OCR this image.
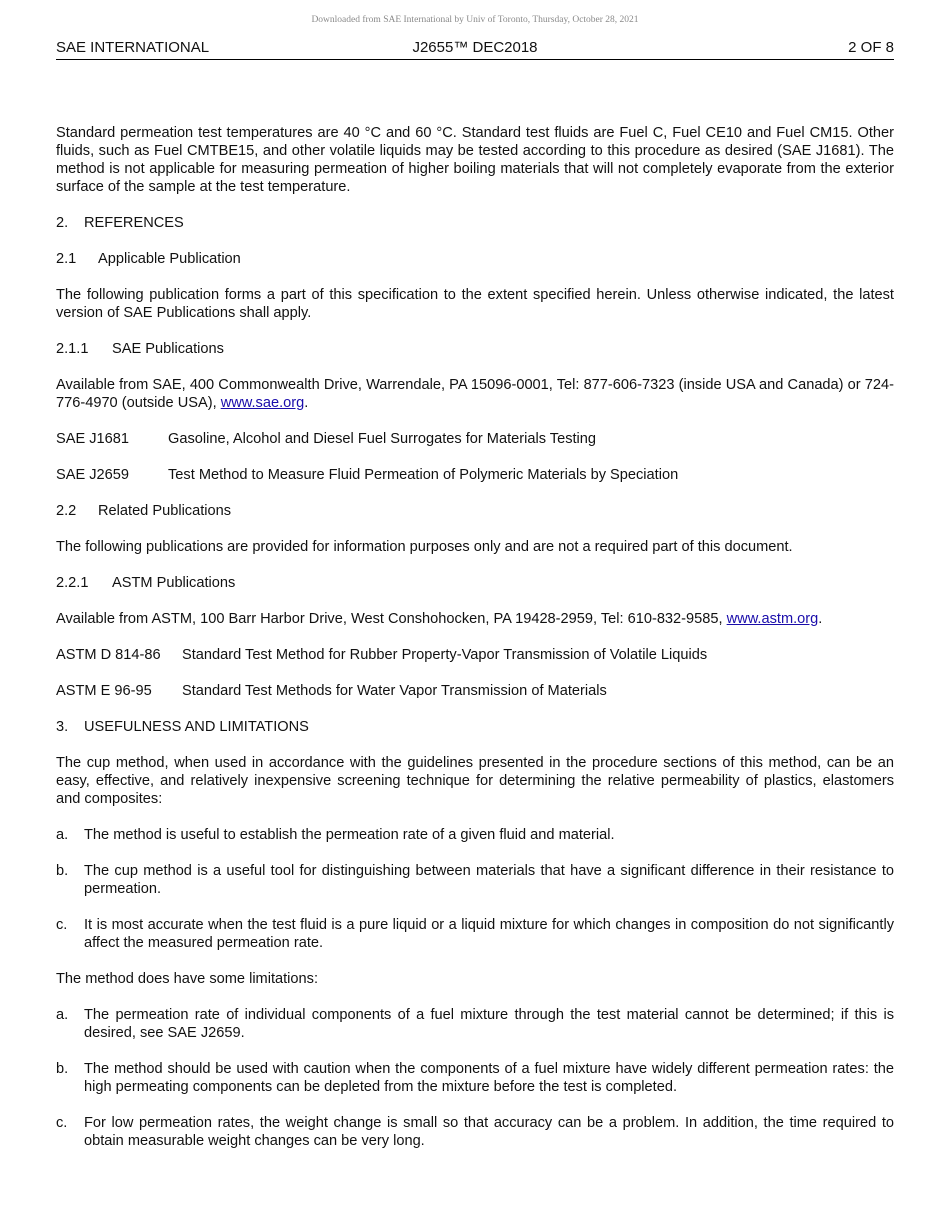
Downloaded from SAE International by Univ of Toronto, Thursday, October 28, 2021
J2655™ DEC2018
SAE INTERNATIONAL	2 OF 8

Standard permeation test temperatures are 40 °C and 60 °C. Standard test fluids are Fuel C, Fuel CE10 and Fuel CM15. Other fluids, such as Fuel CMTBE15, and other volatile liquids may be tested according to this procedure as desired (SAE J1681). The method is not applicable for measuring permeation of higher boiling materials that will not completely evaporate from the exterior surface of the sample at the test temperature.

2. REFERENCES

2.1 Applicable Publication

The following publication forms a part of this specification to the extent specified herein. Unless otherwise indicated, the latest version of SAE Publications shall apply.

2.1.1 SAE Publications

Available from SAE, 400 Commonwealth Drive, Warrendale, PA 15096-0001, Tel: 877-606-7323 (inside USA and Canada) or 724-776-4970 (outside USA), www.sae.org.

SAE J1681	Gasoline, Alcohol and Diesel Fuel Surrogates for Materials Testing

SAE J2659	Test Method to Measure Fluid Permeation of Polymeric Materials by Speciation

2.2 Related Publications

The following publications are provided for information purposes only and are not a required part of this document.

2.2.1 ASTM Publications

Available from ASTM, 100 Barr Harbor Drive, West Conshohocken, PA 19428-2959, Tel: 610-832-9585, www.astm.org.

ASTM D 814-86 Standard Test Method for Rubber Property-Vapor Transmission of Volatile Liquids

ASTM E 96-95 Standard Test Methods for Water Vapor Transmission of Materials

3. USEFULNESS AND LIMITATIONS

The cup method, when used in accordance with the guidelines presented in the procedure sections of this method, can be an easy, effective, and relatively inexpensive screening technique for determining the relative permeability of plastics, elastomers and composites:

a. The method is useful to establish the permeation rate of a given fluid and material.

b. The cup method is a useful tool for distinguishing between materials that have a significant difference in their resistance to permeation.

c. It is most accurate when the test fluid is a pure liquid or a liquid mixture for which changes in composition do not significantly affect the measured permeation rate.

The method does have some limitations:

a. The permeation rate of individual components of a fuel mixture through the test material cannot be determined; if this is desired, see SAE J2659.

b. The method should be used with caution when the components of a fuel mixture have widely different permeation rates: the high permeating components can be depleted from the mixture before the test is completed.

c. For low permeation rates, the weight change is small so that accuracy can be a problem. In addition, the time required to obtain measurable weight changes can be very long.
